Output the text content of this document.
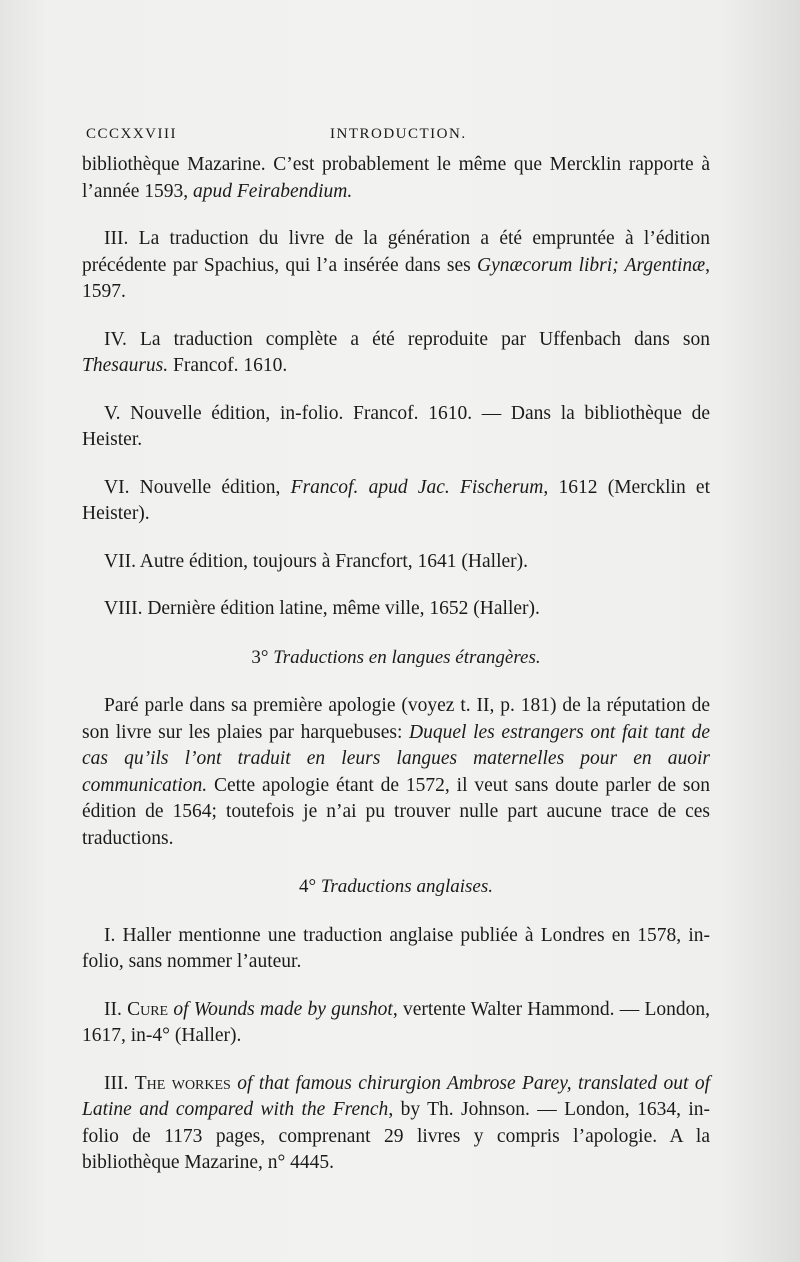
CCCXXVIII	INTRODUCTION.

bibliothèque Mazarine. C’est probablement le même que Mercklin rapporte à l’année 1593, apud Feirabendium.

III. La traduction du livre de la génération a été empruntée à l’édition précédente par Spachius, qui l’a insérée dans ses Gynæcorum libri; Argentinæ, 1597.

IV. La traduction complète a été reproduite par Uffenbach dans son Thesaurus. Francof. 1610.

V. Nouvelle édition, in-folio. Francof. 1610. — Dans la bibliothèque de Heister.

VI. Nouvelle édition, Francof. apud Jac. Fischerum, 1612 (Mercklin et Heister).

VII. Autre édition, toujours à Francfort, 1641 (Haller).

VIII. Dernière édition latine, même ville, 1652 (Haller).

3° Traductions en langues étrangères.

Paré parle dans sa première apologie (voyez t. II, p. 181) de la réputation de son livre sur les plaies par harquebuses: Duquel les estrangers ont fait tant de cas qu’ils l’ont traduit en leurs langues maternelles pour en auoir communication. Cette apologie étant de 1572, il veut sans doute parler de son édition de 1564; toutefois je n’ai pu trouver nulle part aucune trace de ces traductions.

4° Traductions anglaises.

I. Haller mentionne une traduction anglaise publiée à Londres en 1578, in-folio, sans nommer l’auteur.

II. Cure of Wounds made by gunshot, vertente Walter Hammond. — London, 1617, in-4° (Haller).

III. The workes of that famous chirurgion Ambrose Parey, translated out of Latine and compared with the French, by Th. Johnson. — London, 1634, in-folio de 1173 pages, comprenant 29 livres y compris l’apologie. A la bibliothèque Mazarine, n° 4445.
